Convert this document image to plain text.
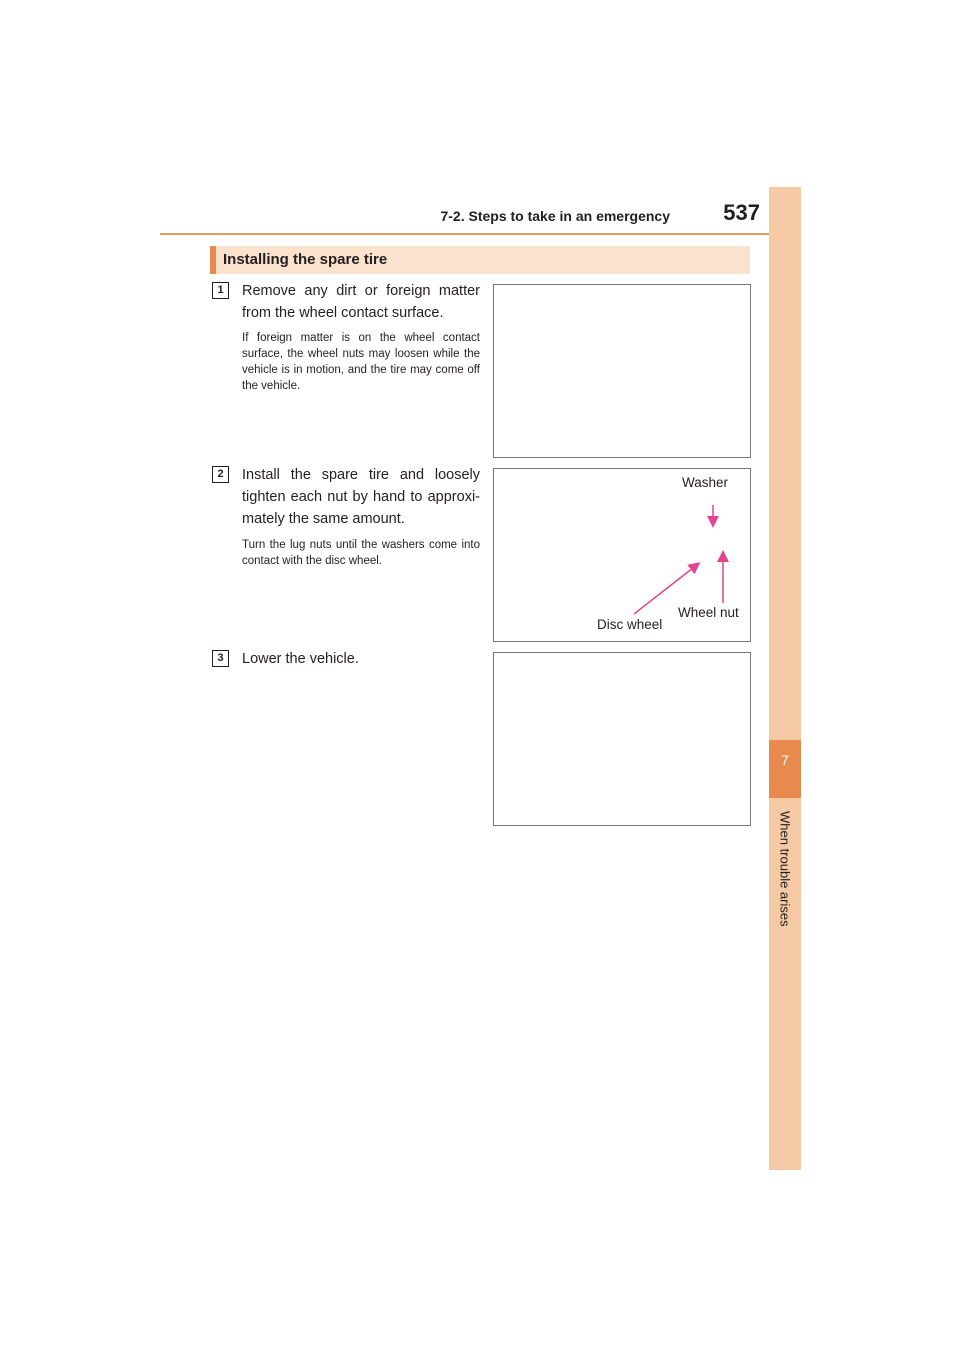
7-2. Steps to take in an emergency	537
7
When trouble arises
Installing the spare tire
1	Remove any dirt or foreign matter from the wheel contact surface.
If foreign matter is on the wheel contact surface, the wheel nuts may loosen while the vehicle is in motion, and the tire may come off the vehicle.
2	Install the spare tire and loosely tighten each nut by hand to approxi-mately the same amount.
Turn the lug nuts until the washers come into contact with the disc wheel.
Washer
Wheel nut
Disc wheel
3	Lower the vehicle.
